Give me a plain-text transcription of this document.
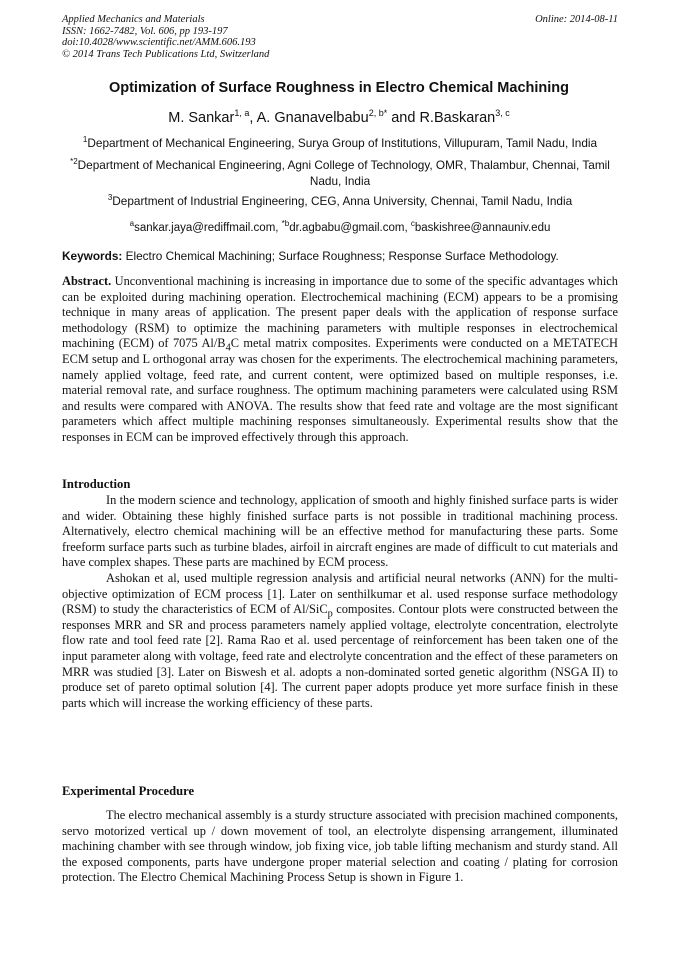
Applied Mechanics and Materials
ISSN: 1662-7482, Vol. 606, pp 193-197
doi:10.4028/www.scientific.net/AMM.606.193
© 2014 Trans Tech Publications Ltd, Switzerland
Online: 2014-08-11
Optimization of Surface Roughness in Electro Chemical Machining
M. Sankar$^{1, a}$, A. Gnanavelbabu$^{2, b*}$ and R.Baskaran$^{3, c}$
$^1$Department of Mechanical Engineering, Surya Group of Institutions, Villupuram, Tamil Nadu, India
$^{*2}$Department of Mechanical Engineering, Agni College of Technology, OMR, Thalambur, Chennai, Tamil Nadu, India
$^3$Department of Industrial Engineering, CEG, Anna University, Chennai, Tamil Nadu, India
$^a$sankar.jaya@rediffmail.com, $^{*b}$dr.agbabu@gmail.com, $^c$baskishree@annauniv.edu
Keywords: Electro Chemical Machining; Surface Roughness; Response Surface Methodology.

Abstract. Unconventional machining is increasing in importance due to some of the specific advantages which can be exploited during machining operation. Electrochemical machining (ECM) appears to be a promising technique in many areas of application. The present paper deals with the application of response surface methodology (RSM) to optimize the machining parameters with multiple responses in electrochemical machining (ECM) of 7075 $Al/B_4C$ metal matrix composites. Experiments were conducted on a METATECH ECM setup and L orthogonal array was chosen for the experiments. The electrochemical machining parameters, namely applied voltage, feed rate, and current content, were optimized based on multiple responses, i.e. material removal rate, and surface roughness. The optimum machining parameters were calculated using RSM and results were compared with ANOVA. The results show that feed rate and voltage are the most significant parameters which affect multiple machining responses simultaneously. Experimental results show that the responses in ECM can be improved effectively through this approach.

Introduction

In the modern science and technology, application of smooth and highly finished surface parts is wider and wider. Obtaining these highly finished surface parts is not possible in traditional machining process. Alternatively, electro chemical machining will be an effective method for manufacturing these parts. Some freeform surface parts such as turbine blades, airfoil in aircraft engines are made of difficult to cut materials and have complex shapes. These parts are machined by ECM process.

Ashokan et al, used multiple regression analysis and artificial neural networks (ANN) for the multi-objective optimization of ECM process [1]. Later on senthilkumar et al. used response surface methodology (RSM) to study the characteristics of ECM of Al/SiC$_p$ composites. Contour plots were constructed between the responses MRR and SR and process parameters namely applied voltage, electrolyte concentration, electrolyte flow rate and tool feed rate [2]. Rama Rao et al. used percentage of reinforcement has been taken one of the input parameter along with voltage, feed rate and electrolyte concentration and the effect of these parameters on MRR was studied [3]. Later on Biswesh et al. adopts a non-dominated sorted genetic algorithm (NSGA II) to produce set of pareto optimal solution [4]. The current paper adopts produce yet more surface finish in these parts which will increase the working efficiency of these parts.

Experimental Procedure

The electro mechanical assembly is a sturdy structure associated with precision machined components, servo motorized vertical up / down movement of tool, an electrolyte dispensing arrangement, illuminated machining chamber with see through window, job fixing vice, job table lifting mechanism and sturdy stand. All the exposed components, parts have undergone proper material selection and coating / plating for corrosion protection. The Electro Chemical Machining Process Setup is shown in Figure 1.
